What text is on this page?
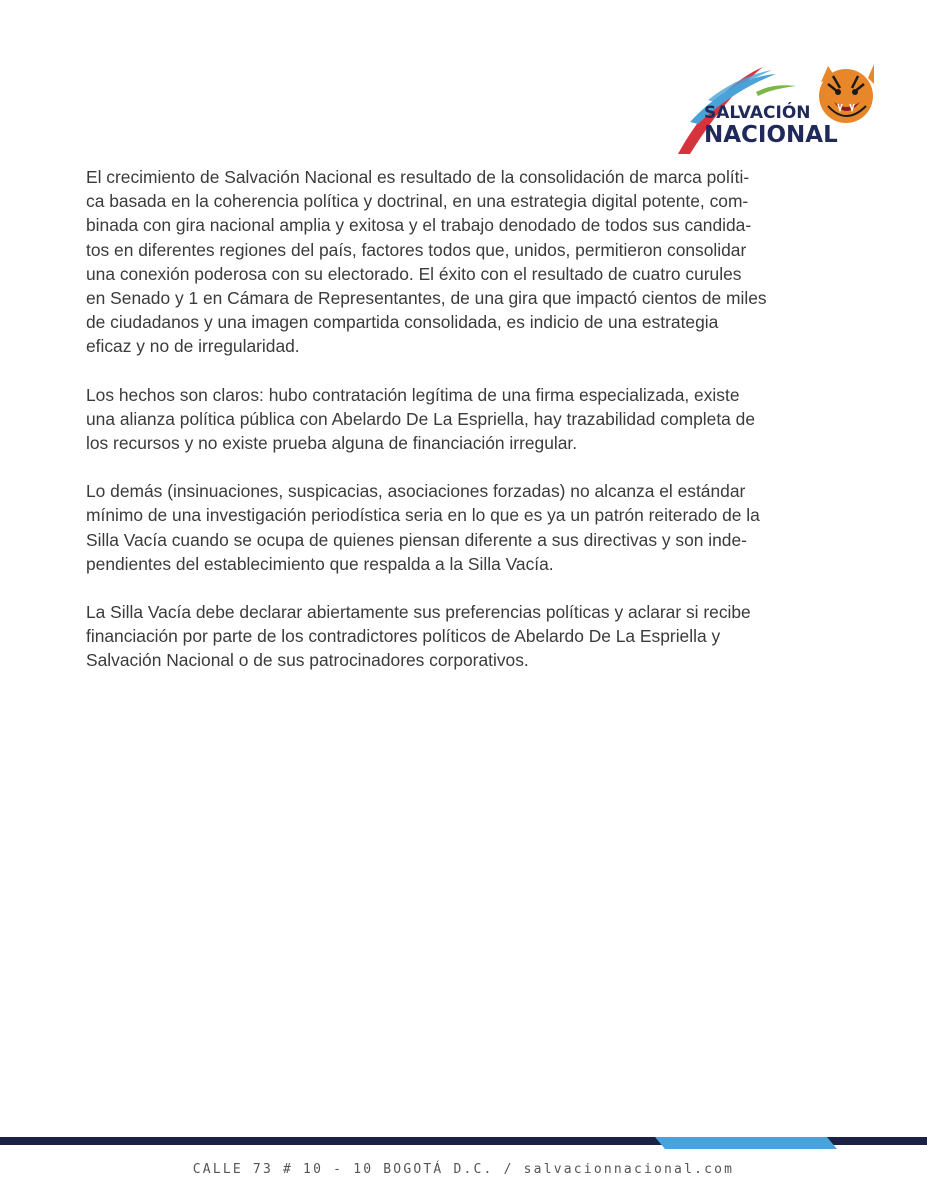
SALVACIÓN
NACIONAL

El crecimiento de Salvación Nacional es resultado de la consolidación de marca políti-
ca basada en la coherencia política y doctrinal, en una estrategia digital potente, com-
binada con gira nacional amplia y exitosa y el trabajo denodado de todos sus candida-
tos en diferentes regiones del país, factores todos que, unidos, permitieron consolidar
una conexión poderosa con su electorado. El éxito con el resultado de cuatro curules
en Senado y 1 en Cámara de Representantes, de una gira que impactó cientos de miles
de ciudadanos y una imagen compartida consolidada, es indicio de una estrategia
eficaz y no de irregularidad.

Los hechos son claros: hubo contratación legítima de una firma especializada, existe
una alianza política pública con Abelardo De La Espriella, hay trazabilidad completa de
los recursos y no existe prueba alguna de financiación irregular.

Lo demás (insinuaciones, suspicacias, asociaciones forzadas) no alcanza el estándar
mínimo de una investigación periodística seria en lo que es ya un patrón reiterado de la
Silla Vacía cuando se ocupa de quienes piensan diferente a sus directivas y son inde-
pendientes del establecimiento que respalda a la Silla Vacía.

La Silla Vacía debe declarar abiertamente sus preferencias políticas y aclarar si recibe
financiación por parte de los contradictores políticos de Abelardo De La Espriella y
Salvación Nacional o de sus patrocinadores corporativos.

CALLE 73 # 10 - 10 BOGOTÁ D.C. / salvacionnacional.com
